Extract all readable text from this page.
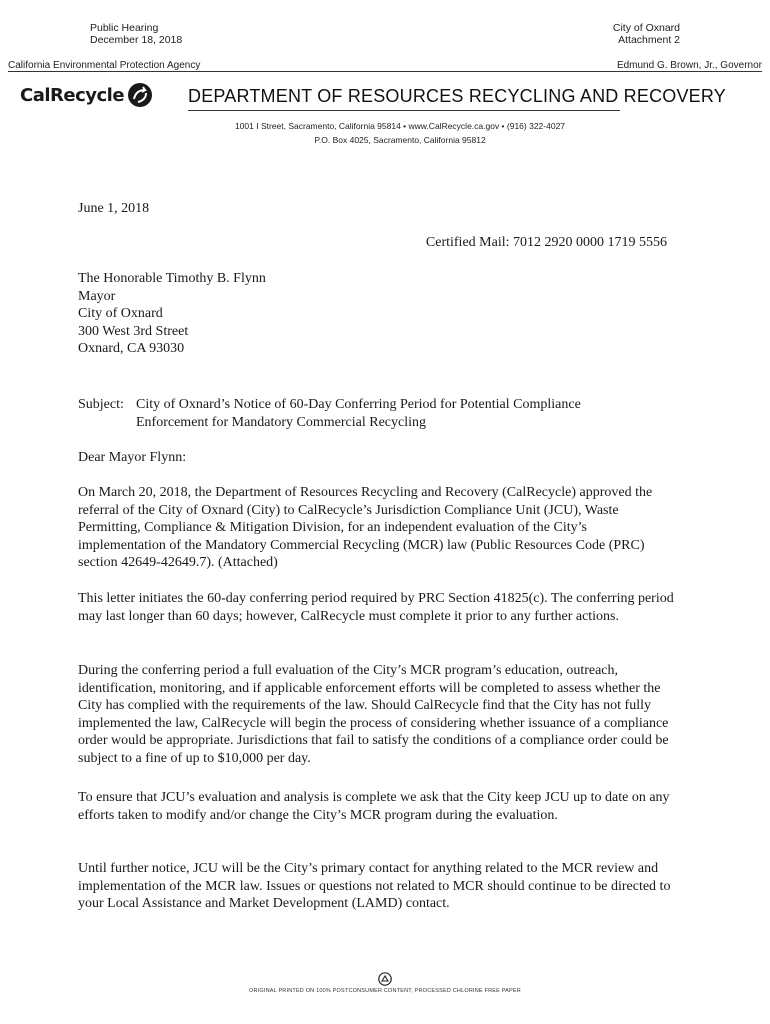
Public Hearing
December 18, 2018
City of Oxnard
Attachment 2
California Environmental Protection Agency	Edmund G. Brown, Jr., Governor
CalRecycle	DEPARTMENT OF RESOURCES RECYCLING AND RECOVERY
1001 I Street, Sacramento, California 95814 • www.CalRecycle.ca.gov • (916) 322-4027
P.O. Box 4025, Sacramento, California 95812
June 1, 2018
Certified Mail: 7012 2920 0000 1719 5556
The Honorable Timothy B. Flynn
Mayor
City of Oxnard
300 West 3rd Street
Oxnard, CA 93030
Subject: City of Oxnard’s Notice of 60-Day Conferring Period for Potential Compliance
Enforcement for Mandatory Commercial Recycling
Dear Mayor Flynn:
On March 20, 2018, the Department of Resources Recycling and Recovery (CalRecycle) approved the referral of the City of Oxnard (City) to CalRecycle’s Jurisdiction Compliance Unit (JCU), Waste Permitting, Compliance & Mitigation Division, for an independent evaluation of the City’s implementation of the Mandatory Commercial Recycling (MCR) law (Public Resources Code (PRC) section 42649-42649.7). (Attached)
This letter initiates the 60-day conferring period required by PRC Section 41825(c). The conferring period may last longer than 60 days; however, CalRecycle must complete it prior to any further actions.
During the conferring period a full evaluation of the City’s MCR program’s education, outreach, identification, monitoring, and if applicable enforcement efforts will be completed to assess whether the City has complied with the requirements of the law. Should CalRecycle find that the City has not fully implemented the law, CalRecycle will begin the process of considering whether issuance of a compliance order would be appropriate. Jurisdictions that fail to satisfy the conditions of a compliance order could be subject to a fine of up to $10,000 per day.
To ensure that JCU’s evaluation and analysis is complete we ask that the City keep JCU up to date on any efforts taken to modify and/or change the City’s MCR program during the evaluation.
Until further notice, JCU will be the City’s primary contact for anything related to the MCR review and implementation of the MCR law. Issues or questions not related to MCR should continue to be directed to your Local Assistance and Market Development (LAMD) contact.
ORIGINAL PRINTED ON 100% POSTCONSUMER CONTENT, PROCESSED CHLORINE FREE PAPER
